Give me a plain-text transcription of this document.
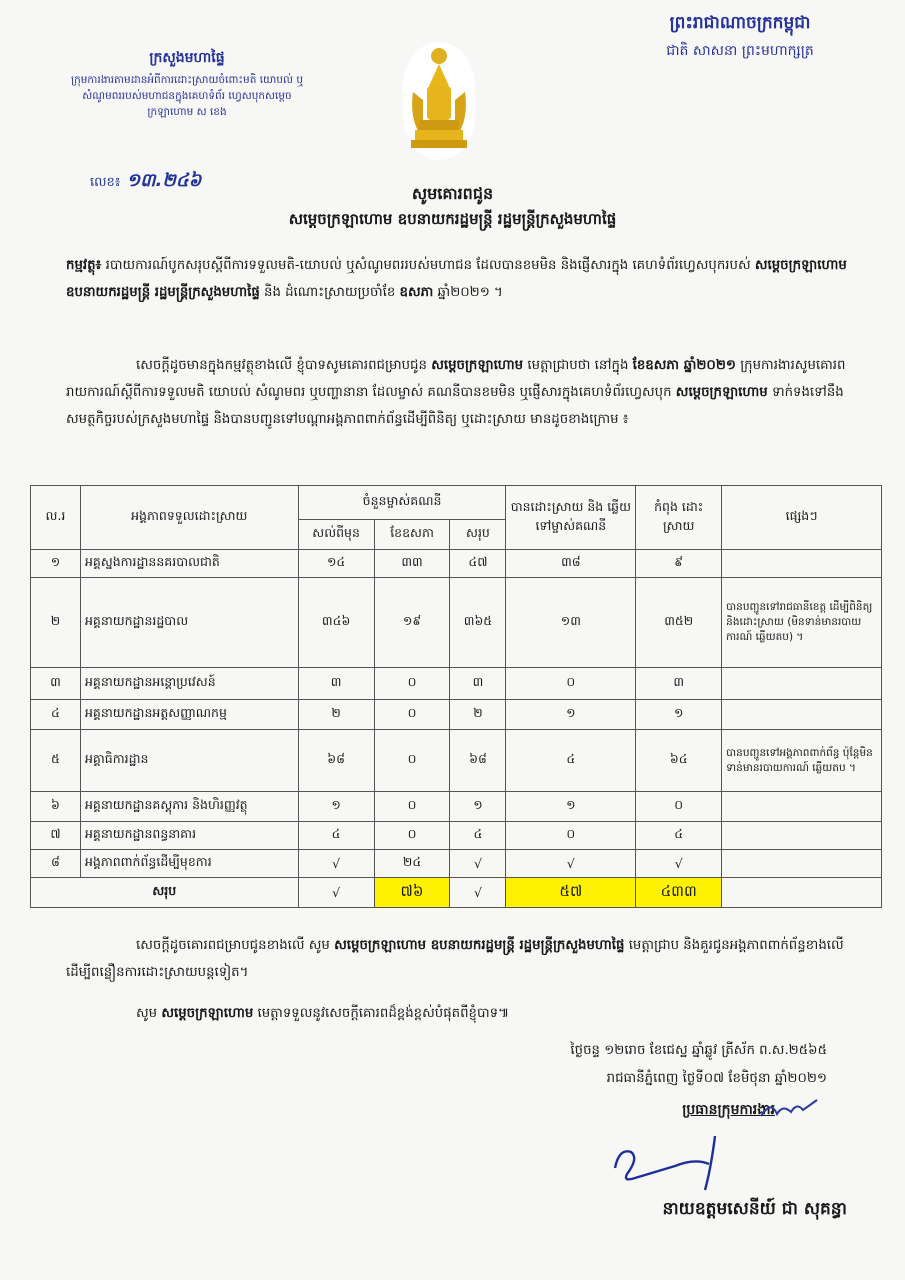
ព្រះរាជាណាចក្រកម្ពុជា
ជាតិ សាសនា ព្រះមហាក្សត្រ
ក្រសួងមហាផ្ទៃ
ក្រុមការងារតាមដានអំពីការដោះស្រាយចំពោះមតិ យោបល់ ឬសំណូមពររបស់មហាជនក្នុងគេហទំព័រ ហ្វេសបុកសម្តេចក្រឡាហោម ស ខេង
លេខ៖ ១៣.២៤៦
សូមគោរពជូន
សម្តេចក្រឡាហោម ឧបនាយករដ្ឋមន្ត្រី រដ្ឋមន្ត្រីក្រសួងមហាផ្ទៃ
កម្មវត្ថុ៖ របាយការណ៍បូកសរុបស្តីពីការទទួលមតិ-យោបល់ ឬសំណូមពររបស់មហាជន ដែលបានខមមិន និងផ្ញើសារក្នុង គេហទំព័រហ្វេសបុករបស់ សម្តេចក្រឡាហោម ឧបនាយករដ្ឋមន្ត្រី រដ្ឋមន្ត្រីក្រសួងមហាផ្ទៃ និង ដំណោះស្រាយប្រចាំខែ ឧសភា ឆ្នាំ២០២១ ។
សេចក្តីដូចមានក្នុងកម្មវត្ថុខាងលើ ខ្ញុំបាទសូមគោរពជម្រាបជូន សម្តេចក្រឡាហោម មេត្តាជ្រាបថា នៅក្នុង ខែឧសភា ឆ្នាំ២០២១ ក្រុមការងារសូមគោរពរាយការណ៍ស្តីពីការទទួលមតិ យោបល់ សំណូមពរ ឬបញ្ហានានា ដែលម្ចាស់ គណនីបានខមមិន ឬផ្ញើសារក្នុងគេហទំព័រហ្វេសបុក សម្តេចក្រឡាហោម ទាក់ទងទៅនឹងសមត្ថកិច្ចរបស់ក្រសួងមហាផ្ទៃ និងបានបញ្ជូនទៅបណ្តាអង្គភាពពាក់ព័ន្ធដើម្បីពិនិត្យ ឬដោះស្រាយ មានដូចខាងក្រោម ៖
ល.រ	អង្គភាពទទួលដោះស្រាយ	ចំនួនម្ចាស់គណនី			បានដោះស្រាយ និង ឆ្លើយទៅម្ចាស់គណនី	កំពុង ដោះស្រាយ	ផ្សេងៗ
		សល់ពីមុន	ខែឧសភា	សរុប			
១	អគ្គស្នងការដ្ឋាននគរបាលជាតិ	១៤	៣៣	៤៧	៣៨	៩	
២	អគ្គនាយកដ្ឋានរដ្ឋបាល	៣៤៦	១៩	៣៦៥	១៣	៣៥២	បានបញ្ជូនទៅរាជធានីខេត្ត ដើម្បីពិនិត្យ និងដោះស្រាយ (មិនទាន់មានរបាយការណ៍ ឆ្លើយតប) ។
៣	អគ្គនាយកដ្ឋានអន្តោប្រវេសន៍	៣	០	៣	០	៣	
៤	អគ្គនាយកដ្ឋានអត្តសញ្ញាណកម្ម	២	០	២	១	១	
៥	អគ្គាធិការដ្ឋាន	៦៨	០	៦៨	៤	៦៤	បានបញ្ជូនទៅអង្គភាពពាក់ព័ន្ធ ប៉ុន្តែមិនទាន់មានរបាយការណ៍ ឆ្លើយតប ។
៦	អគ្គនាយកដ្ឋានគស្តុភារ និងហិរញ្ញវត្ថុ	១	០	១	១	០	
៧	អគ្គនាយកដ្ឋានពន្ធនាគារ	៤	០	៤	០	៤	
៨	អង្គភាពពាក់ព័ន្ធដើម្បីមុខការ	√	២៤	√	√	√	
សរុប		√	៧៦	√	៥៧	៤៣៣	
សេចក្តីដូចគោរពជម្រាបជូនខាងលើ សូម សម្តេចក្រឡាហោម ឧបនាយករដ្ឋមន្ត្រី រដ្ឋមន្ត្រីក្រសួងមហាផ្ទៃ មេត្តាជ្រាប និងគួរជូនអង្គភាពពាក់ព័ន្ធខាងលើ ដើម្បីពន្លឿនការដោះស្រាយបន្តទៀត។
សូម សម្តេចក្រឡាហោម មេត្តាទទួលនូវសេចក្តីគោរពដ៏ខ្ពង់ខ្ពស់បំផុតពីខ្ញុំបាទ៕
ថ្ងៃចន្ទ ១២រោច ខែជេស្ឋ ឆ្នាំឆ្លូវ ត្រីស័ក ព.ស.២៥៦៥
រាជធានីភ្នំពេញ ថ្ងៃទី០៧ ខែមិថុនា ឆ្នាំ២០២១
ប្រធានក្រុមការងារ
នាយឧត្តមសេនីយ៍ ជា សុគន្ធា
